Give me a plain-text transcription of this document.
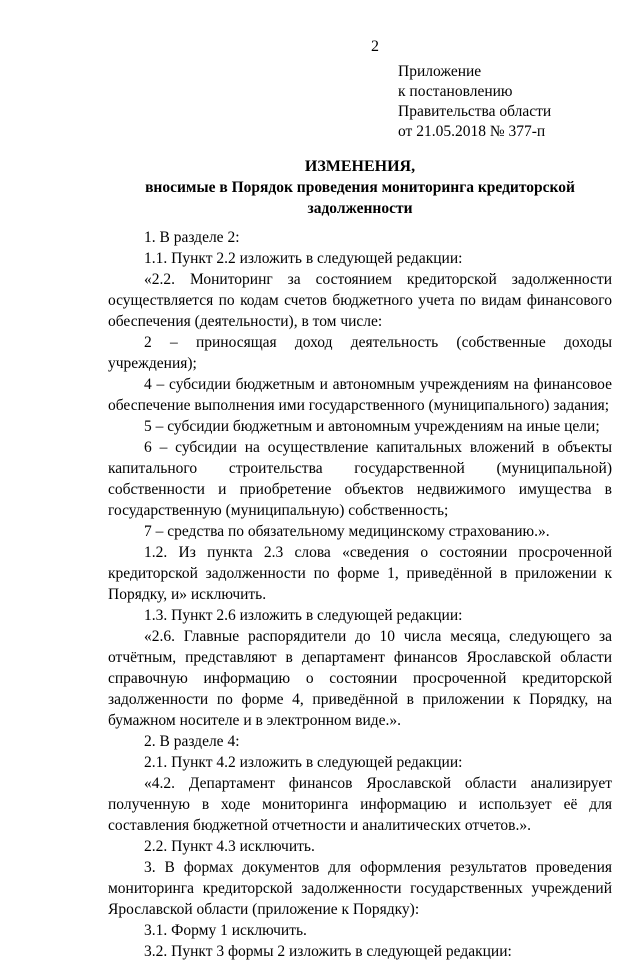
2
Приложение
к постановлению
Правительства области
от 21.05.2018 № 377-п
ИЗМЕНЕНИЯ,
вносимые в Порядок проведения мониторинга кредиторской задолженности

1. В разделе 2:

1.1. Пункт 2.2 изложить в следующей редакции:

«2.2. Мониторинг за состоянием кредиторской задолженности осуществляется по кодам счетов бюджетного учета по видам финансового обеспечения (деятельности), в том числе:

2 – приносящая доход деятельность (собственные доходы учреждения);

4 – субсидии бюджетным и автономным учреждениям на финансовое обеспечение выполнения ими государственного (муниципального) задания;

5 – субсидии бюджетным и автономным учреждениям на иные цели;

6 – субсидии на осуществление капитальных вложений в объекты капитального строительства государственной (муниципальной) собственности и приобретение объектов недвижимого имущества в государственную (муниципальную) собственность;

7 – средства по обязательному медицинскому страхованию.».

1.2. Из пункта 2.3 слова «сведения о состоянии просроченной кредиторской задолженности по форме 1, приведённой в приложении к Порядку, и» исключить.

1.3. Пункт 2.6 изложить в следующей редакции:

«2.6. Главные распорядители до 10 числа месяца, следующего за отчётным, представляют в департамент финансов Ярославской области справочную информацию о состоянии просроченной кредиторской задолженности по форме 4, приведённой в приложении к Порядку, на бумажном носителе и в электронном виде.».

2. В разделе 4:

2.1. Пункт 4.2 изложить в следующей редакции:

«4.2. Департамент финансов Ярославской области анализирует полученную в ходе мониторинга информацию и использует её для составления бюджетной отчетности и аналитических отчетов.».

2.2. Пункт 4.3 исключить.

3. В формах документов для оформления результатов проведения мониторинга кредиторской задолженности государственных учреждений Ярославской области (приложение к Порядку):

3.1. Форму 1 исключить.

3.2. Пункт 3 формы 2 изложить в следующей редакции:
